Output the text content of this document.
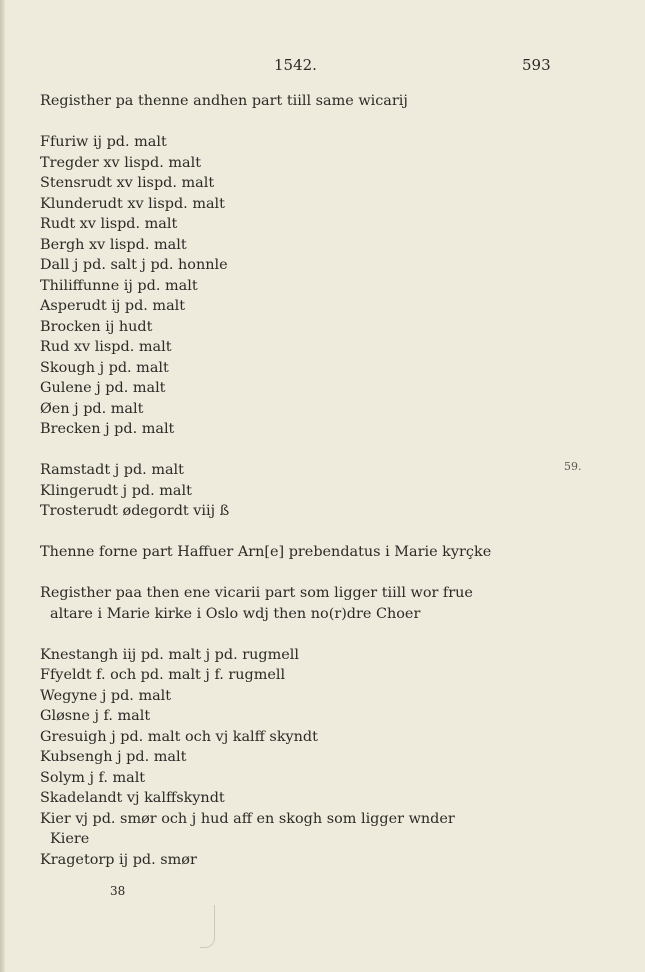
1542.	593
59.
Registher pa thenne andhen part tiill same wicarij
Ffuriw ij pd. malt
Tregder xv lispd. malt
Stensrudt xv lispd. malt
Klunderudt xv lispd. malt
Rudt xv lispd. malt
Bergh xv lispd. malt
Dall j pd. salt j pd. honnle
Thiliffunne ij pd. malt
Asperudt ij pd. malt
Brocken ij hudt
Rud xv lispd. malt
Skough j pd. malt
Gulene j pd. malt
Øen j pd. malt
Brecken j pd. malt
Ramstadt j pd. malt
Klingerudt j pd. malt
Trosterudt ødegordt viij ß
Thenne forne part Haffuer Arn[e] prebendatus i Marie kyrçke
Registher paa then ene vicarii part som ligger tiill wor frue
altare i Marie kirke i Oslo wdj then no(r)dre Choer
Knestangh iij pd. malt j pd. rugmell
Ffyeldt f. och pd. malt j f. rugmell
Wegyne j pd. malt
Gløsne j f. malt
Gresuigh j pd. malt och vj kalff skyndt
Kubsengh j pd. malt
Solym j f. malt
Skadelandt vj kalffskyndt
Kier vj pd. smør och j hud aff en skogh som ligger wnder
Kiere
Kragetorp ij pd. smør
38
